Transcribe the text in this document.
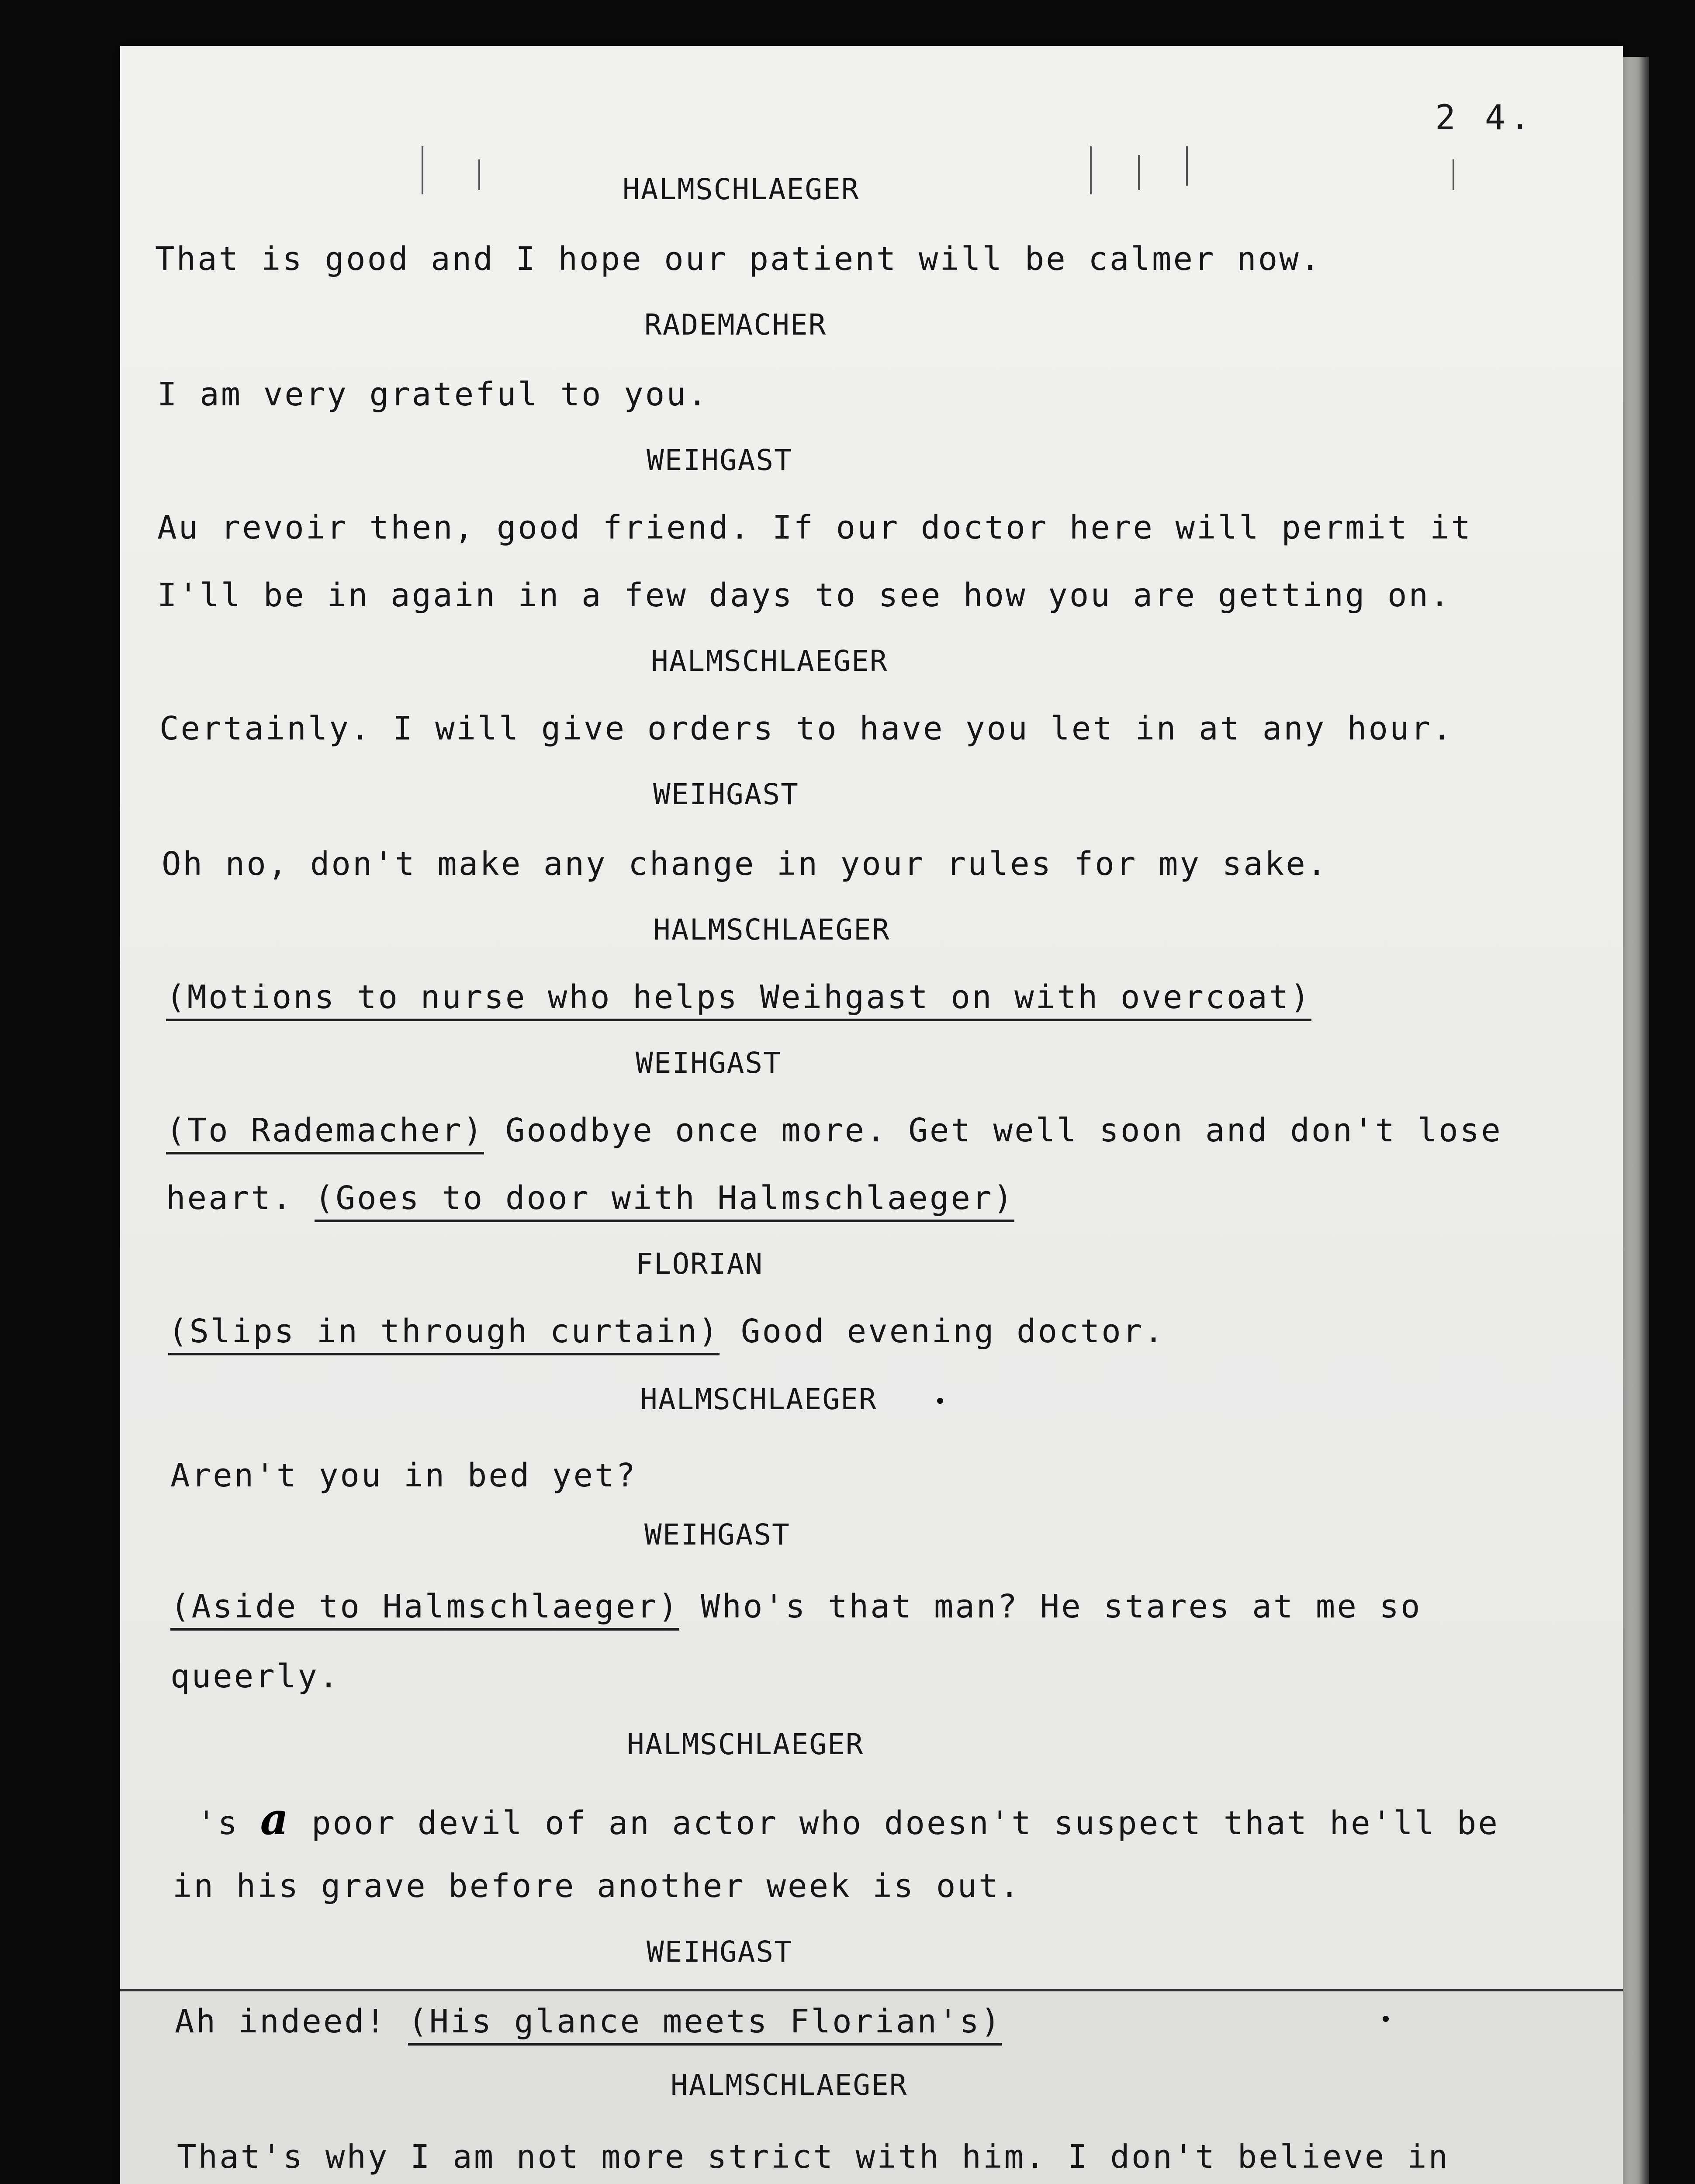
2 4.
HALMSCHLAEGER
That is good and I hope our patient will be calmer now.
RADEMACHER
I am very grateful to you.
WEIHGAST
Au revoir then, good friend. If our doctor here will permit it
I'll be in again in a few days to see how you are getting on.
HALMSCHLAEGER
Certainly. I will give orders to have you let in at any hour.
WEIHGAST
Oh no, don't make any change in your rules for my sake.
HALMSCHLAEGER
(Motions to nurse who helps Weihgast on with overcoat)
WEIHGAST
(To Rademacher) Goodbye once more. Get well soon and don't lose
heart. (Goes to door with Halmschlaeger)
FLORIAN
(Slips in through curtain) Good evening doctor.
HALMSCHLAEGER
Aren't you in bed yet?
WEIHGAST
(Aside to Halmschlaeger) Who's that man? He stares at me so
queerly.
HALMSCHLAEGER
's a poor devil of an actor who doesn't suspect that he'll be
in his grave before another week is out.
WEIHGAST
Ah indeed! (His glance meets Florian's)
HALMSCHLAEGER
That's why I am not more strict with him. I don't believe in
